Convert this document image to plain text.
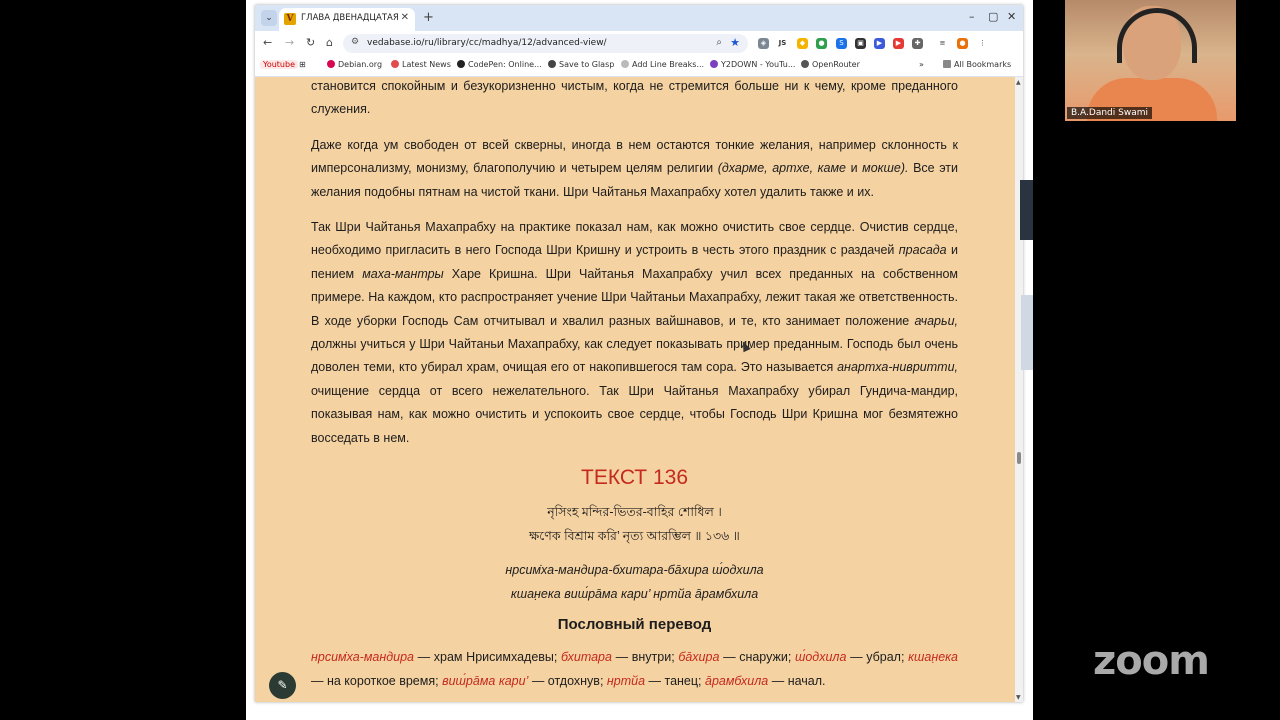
⌄	V ГЛАВА ДВЕНАДЦАТАЯ ✕ +	– ▢ ✕
← → ↻ ⌂ ⚙ vedabase.io/ru/library/cc/madhya/12/advanced-view/	⌕ ★	◈	JS	◆	●	S	▣	▶	▶	✚	≡	●	⋮
Youtube ⊞	Debian.org	Latest News	CodePen: Online...	Save to Glasp	Add Line Breaks...	Y2DOWN - YouTu...	OpenRouter	»	All Bookmarks

становится спокойным и безукоризненно чистым, когда не стремится больше ни к чему, кроме преданного служения.

Даже когда ум свободен от всей скверны, иногда в нем остаются тонкие желания, например склонность к имперсонализму, монизму, благополучию и четырем целям религии (дхарме, артхе, каме и мокше). Все эти желания подобны пятнам на чистой ткани. Шри Чайтанья Махапрабху хотел удалить также и их.

Так Шри Чайтанья Махапрабху на практике показал нам, как можно очистить свое сердце. Очистив сердце, необходимо пригласить в него Господа Шри Кришну и устроить в честь этого праздник с раздачей прасада и пением маха-мантры Харе Кришна. Шри Чайтанья Махапрабху учил всех преданных на собственном примере. На каждом, кто распространяет учение Шри Чайтаньи Махапрабху, лежит такая же ответственность. В ходе уборки Господь Сам отчитывал и хвалил разных вайшнавов, и те, кто занимает положение ачарьи, должны учиться у Шри Чайтаньи Махапрабху, как следует показывать пример преданным. Господь был очень доволен теми, кто убирал храм, очищая его от накопившегося там сора. Это называется анартха-нивритти, очищение сердца от всего нежелательного. Так Шри Чайтанья Махапрабху убирал Гундича-мандир, показывая нам, как можно очистить и успокоить свое сердце, чтобы Господь Шри Кришна мог безмятежно восседать в нем.

ТЕКСТ 136
নৃসিংহ মন্দির-ভিতর-বাহির শোধিল ।
ক্ষণেক বিশ্রাম করি’ নৃত্য আরম্ভিল ॥ ১৩৬ ॥
нрсим̇ха-мандира-бхитара-ба̄хира ш́одхила
кшан̣ека виш́ра̄ма кари’ нртйа а̄рамбхила
Пословный перевод
нрсим̇ха-мандира — храм Нрисимхадевы; бхитара — внутри; ба̄хира — снаружи; ш́одхила — убрал; кшан̣ека — на короткое время; виш́ра̄ма кари’ — отдохнув; нртйа — танец; а̄рамбхила — начал.
✎
▲
▼
B.A.Dandi Swami
zoom
